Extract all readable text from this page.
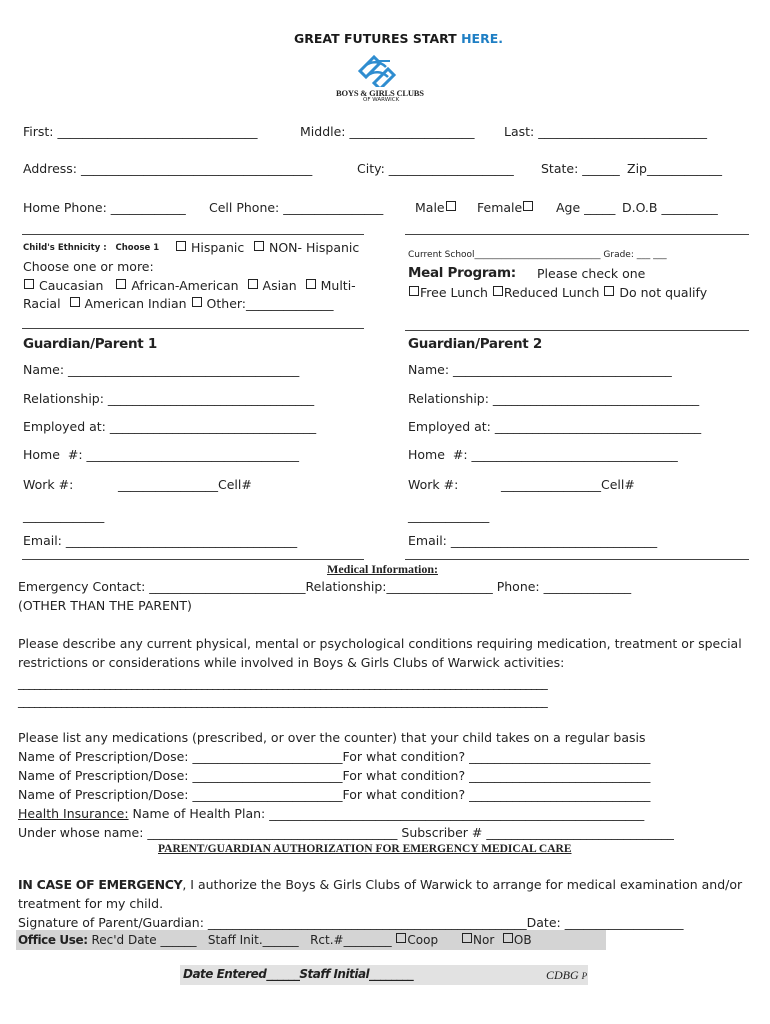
GREAT FUTURES START HERE.
BOYS & GIRLS CLUBS
OF WARWICK
First: ________________________________	Middle: ____________________ Last: ___________________________
Address: _____________________________________	City: ____________________ State: ______ Zip____________
Home Phone: ____________ Cell Phone: ________________	Male	Female	Age _____ D.O.B _________
Child's Ethnicity :   Choose 1	Hispanic	NON- Hispanic
Choose one or more:
Caucasian African-American Asian Multi-
Racial American Indian Other:______________
Current School____________________________ Grade: ___ ___
Meal Program: Please check one
Free Lunch Reduced Lunch Do not qualify
Guardian/Parent 1
Name: _____________________________________
Relationship: _________________________________
Employed at: _________________________________
Home  #: __________________________________
Work #:	________________Cell#
_____________
Email: _____________________________________
Guardian/Parent 2
Name: ___________________________________
Relationship: _________________________________
Employed at: _________________________________
Home  #: _________________________________
Work #:	________________Cell#
_____________
Email: _________________________________
Medical Information:
Emergency Contact: _________________________Relationship:_________________ Phone: ______________
(OTHER THAN THE PARENT)
Please describe any current physical, mental or psychological conditions requiring medication, treatment or special
restrictions or considerations while involved in Boys & Girls Clubs of Warwick activities:
__________________________________________________________________________________________________
__________________________________________________________________________________________________
Please list any medications (prescribed, or over the counter) that your child takes on a regular basis
Name of Prescription/Dose: ________________________For what condition? _____________________________
Name of Prescription/Dose: ________________________For what condition? _____________________________
Name of Prescription/Dose: ________________________For what condition? _____________________________
Health Insurance: Name of Health Plan: ____________________________________________________________
Under whose name: ________________________________________ Subscriber # ______________________________
PARENT/GUARDIAN AUTHORIZATION FOR EMERGENCY MEDICAL CARE
IN CASE OF EMERGENCY, I authorize the Boys & Girls Clubs of Warwick to arrange for medical examination and/or
treatment for my child.
Signature of Parent/Guardian: ___________________________________________________Date: ___________________
Office Use: Rec'd Date ______   Staff Init.______   Rct.#________ Coop	Nor OB
Date Entered______Staff Initial________	CDBG P
